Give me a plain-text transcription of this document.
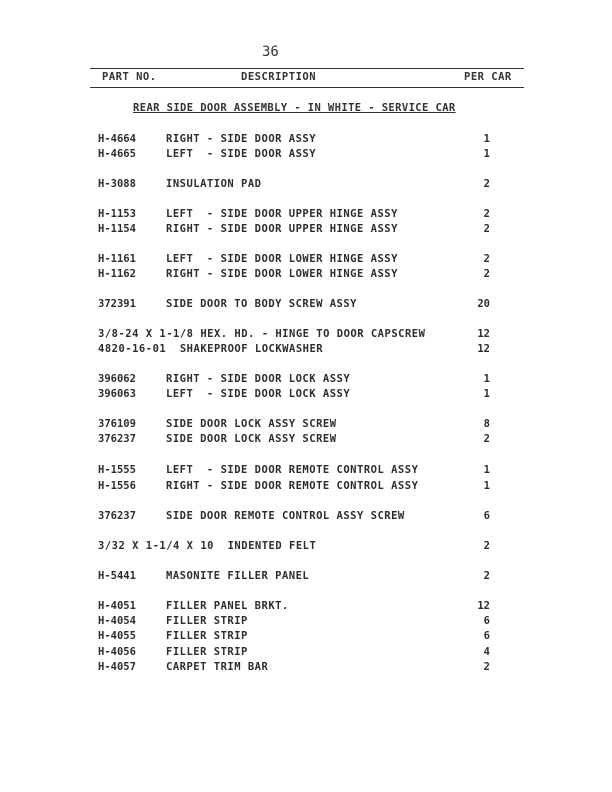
36
PART NO.	DESCRIPTION	PER CAR
REAR SIDE DOOR ASSEMBLY - IN WHITE - SERVICE CAR
H-4664	RIGHT - SIDE DOOR ASSY	1
H-4665	LEFT  - SIDE DOOR ASSY	1
H-3088	INSULATION PAD	2
H-1153	LEFT  - SIDE DOOR UPPER HINGE ASSY	2
H-1154	RIGHT - SIDE DOOR UPPER HINGE ASSY	2
H-1161	LEFT  - SIDE DOOR LOWER HINGE ASSY	2
H-1162	RIGHT - SIDE DOOR LOWER HINGE ASSY	2
372391	SIDE DOOR TO BODY SCREW ASSY	20
3/8-24 X 1-1/8 HEX. HD. - HINGE TO DOOR CAPSCREW	12
4820-16-01  SHAKEPROOF LOCKWASHER	12
396062	RIGHT - SIDE DOOR LOCK ASSY	1
396063	LEFT  - SIDE DOOR LOCK ASSY	1
376109	SIDE DOOR LOCK ASSY SCREW	8
376237	SIDE DOOR LOCK ASSY SCREW	2
H-1555	LEFT  - SIDE DOOR REMOTE CONTROL ASSY	1
H-1556	RIGHT - SIDE DOOR REMOTE CONTROL ASSY	1
376237	SIDE DOOR REMOTE CONTROL ASSY SCREW	6
3/32 X 1-1/4 X 10  INDENTED FELT	2
H-5441	MASONITE FILLER PANEL	2
H-4051	FILLER PANEL BRKT.	12
H-4054	FILLER STRIP	6
H-4055	FILLER STRIP	6
H-4056	FILLER STRIP	4
H-4057	CARPET TRIM BAR	2
